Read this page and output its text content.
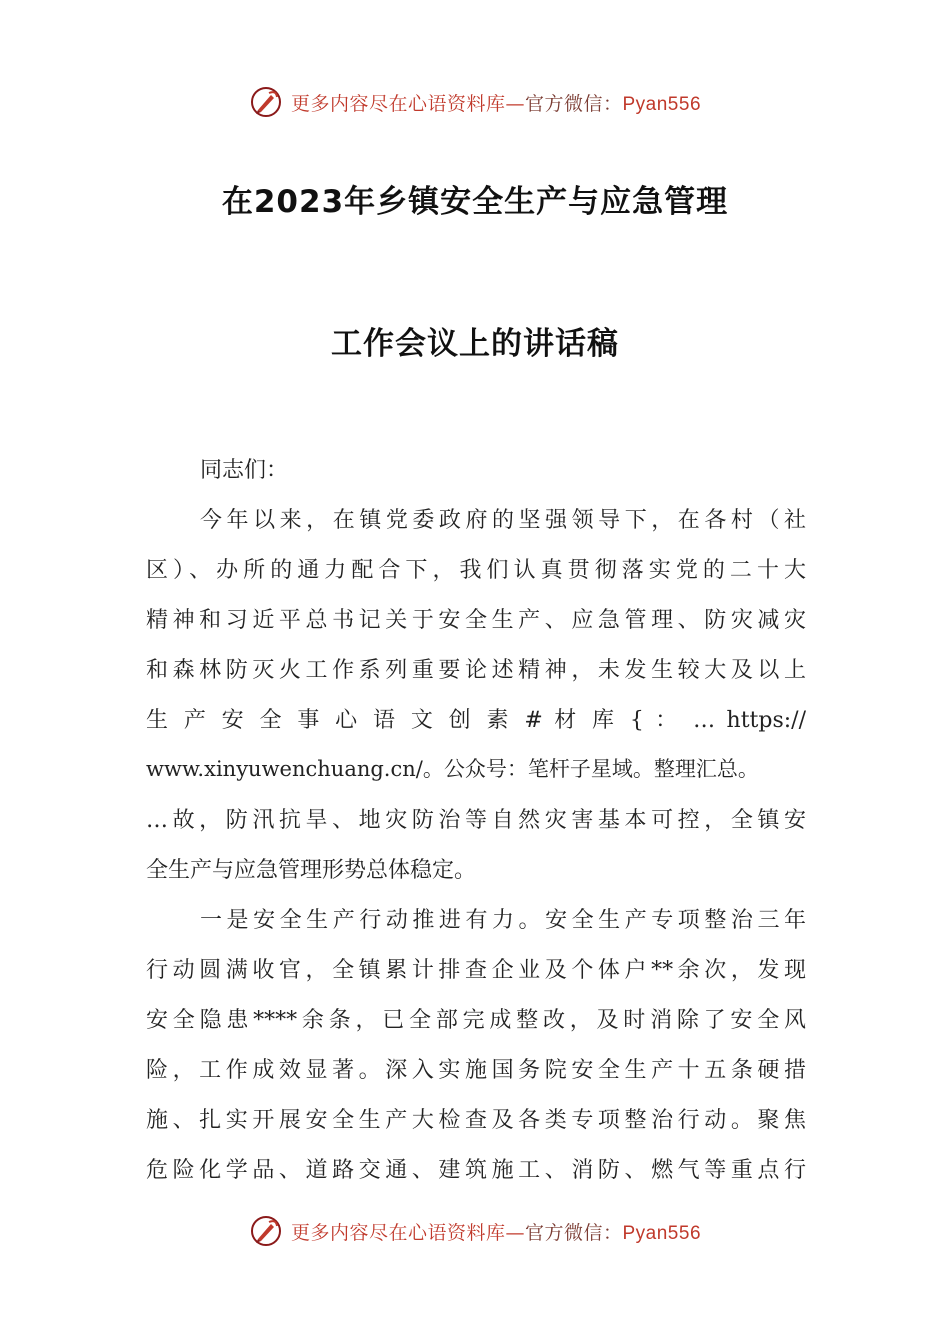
更多内容尽在心语资料库—官方微信：Pyan556
在2023年乡镇安全生产与应急管理
工作会议上的讲话稿
同志们：
今年以来，在镇党委政府的坚强领导下，在各村（社
区）、办所的通力配合下，我们认真贯彻落实党的二十大
精神和习近平总书记关于安全生产、应急管理、防灾减灾
和森林防灭火工作系列重要论述精神，未发生较大及以上
生 产 安 全 事 心 语 文 创 素 # 材 库 { ： … https://
www.xinyuwenchuang.cn/。公众号：笔杆子星域。整理汇总。
…故，防汛抗旱、地灾防治等自然灾害基本可控，全镇安
全生产与应急管理形势总体稳定。
一是安全生产行动推进有力。安全生产专项整治三年
行动圆满收官，全镇累计排查企业及个体户**余次，发现
安全隐患****余条，已全部完成整改，及时消除了安全风
险，工作成效显著。深入实施国务院安全生产十五条硬措
施、扎实开展安全生产大检查及各类专项整治行动。聚焦
危险化学品、道路交通、建筑施工、消防、燃气等重点行
更多内容尽在心语资料库—官方微信：Pyan556
